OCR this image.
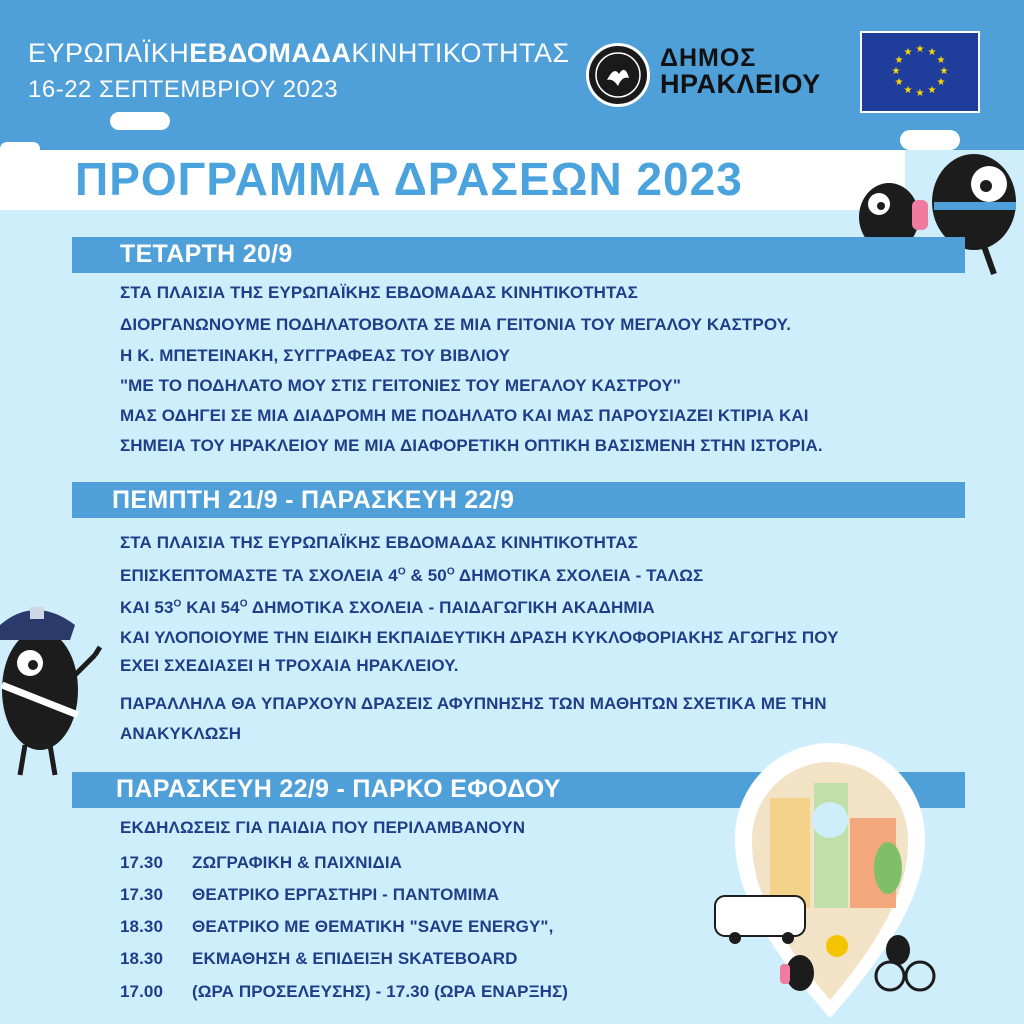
ΕΥΡΩΠΑΪΚΗΕΒΔΟΜΑΔΑΚΙΝΗΤΙΚΟΤΗΤΑΣ
16-22 ΣΕΠΤΕΜΒΡΙΟΥ 2023
ΔΗΜΟΣ
ΗΡΑΚΛΕΙΟΥ
★ ★
★
★
★
★
★
★
★
★
★
★
ΠΡΟΓΡΑΜΜΑ ΔΡΑΣΕΩΝ 2023
ΤΕΤΑΡΤΗ 20/9
ΣΤΑ ΠΛΑΙΣΙΑ ΤΗΣ ΕΥΡΩΠΑΪΚΗΣ ΕΒΔΟΜΑΔΑΣ ΚΙΝΗΤΙΚΟΤΗΤΑΣ
ΔΙΟΡΓΑΝΩΝΟΥΜΕ ΠΟΔΗΛΑΤΟΒΟΛΤΑ ΣΕ ΜΙΑ ΓΕΙΤΟΝΙΑ ΤΟΥ ΜΕΓΑΛΟΥ ΚΑΣΤΡΟΥ.
Η Κ. ΜΠΕΤΕΙΝΑΚΗ, ΣΥΓΓΡΑΦΕΑΣ ΤΟΥ ΒΙΒΛΙΟΥ
"ΜΕ ΤΟ ΠΟΔΗΛΑΤΟ ΜΟΥ ΣΤΙΣ ΓΕΙΤΟΝΙΕΣ ΤΟΥ ΜΕΓΑΛΟΥ ΚΑΣΤΡΟΥ"
ΜΑΣ ΟΔΗΓΕΙ ΣΕ ΜΙΑ ΔΙΑΔΡΟΜΗ ΜΕ ΠΟΔΗΛΑΤΟ ΚΑΙ ΜΑΣ ΠΑΡΟΥΣΙΑΖΕΙ ΚΤΙΡΙΑ ΚΑΙ
ΣΗΜΕΙΑ ΤΟΥ ΗΡΑΚΛΕΙΟΥ ΜΕ ΜΙΑ ΔΙΑΦΟΡΕΤΙΚΗ ΟΠΤΙΚΗ ΒΑΣΙΣΜΕΝΗ ΣΤΗΝ ΙΣΤΟΡΙΑ.
ΠΕΜΠΤΗ 21/9 - ΠΑΡΑΣΚΕΥΗ 22/9
ΣΤΑ ΠΛΑΙΣΙΑ ΤΗΣ ΕΥΡΩΠΑΪΚΗΣ ΕΒΔΟΜΑΔΑΣ ΚΙΝΗΤΙΚΟΤΗΤΑΣ
ΕΠΙΣΚΕΠΤΟΜΑΣΤΕ ΤΑ ΣΧΟΛΕΙΑ $4^O$ & $50^O$ ΔΗΜΟΤΙΚΑ ΣΧΟΛΕΙΑ - ΤΑΛΩΣ
ΚΑΙ $53^O$ ΚΑΙ $54^O$ ΔΗΜΟΤΙΚΑ ΣΧΟΛΕΙΑ - ΠΑΙΔΑΓΩΓΙΚΗ ΑΚΑΔΗΜΙΑ
ΚΑΙ ΥΛΟΠΟΙΟΥΜΕ ΤΗΝ ΕΙΔΙΚΗ ΕΚΠΑΙΔΕΥΤΙΚΗ ΔΡΑΣΗ ΚΥΚΛΟΦΟΡΙΑΚΗΣ ΑΓΩΓΗΣ ΠΟΥ
ΕΧΕΙ ΣΧΕΔΙΑΣΕΙ Η ΤΡΟΧΑΙΑ ΗΡΑΚΛΕΙΟΥ.
ΠΑΡΑΛΛΗΛΑ ΘΑ ΥΠΑΡΧΟΥΝ ΔΡΑΣΕΙΣ ΑΦΥΠΝΗΣΗΣ ΤΩΝ ΜΑΘΗΤΩΝ ΣΧΕΤΙΚΑ ΜΕ ΤΗΝ
ΑΝΑΚΥΚΛΩΣΗ
ΠΑΡΑΣΚΕΥΗ 22/9 - ΠΑΡΚΟ ΕΦΟΔΟΥ
ΕΚΔΗΛΩΣΕΙΣ ΓΙΑ ΠΑΙΔΙΑ ΠΟΥ ΠΕΡΙΛΑΜΒΑΝΟΥΝ
17.30 ΖΩΓΡΑΦΙΚΗ & ΠΑΙΧΝΙΔΙΑ
17.30 ΘΕΑΤΡΙΚΟ ΕΡΓΑΣΤΗΡΙ - ΠΑΝΤΟΜΙΜΑ
18.30 ΘΕΑΤΡΙΚΟ ΜΕ ΘΕΜΑΤΙΚΗ "SAVE ENERGY",
18.30 ΕΚΜΑΘΗΣΗ & ΕΠΙΔΕΙΞΗ SKATEBOARD
17.00 (ΩΡΑ ΠΡΟΣΕΛΕΥΣΗΣ) - 17.30 (ΩΡΑ ΕΝΑΡΞΗΣ)
